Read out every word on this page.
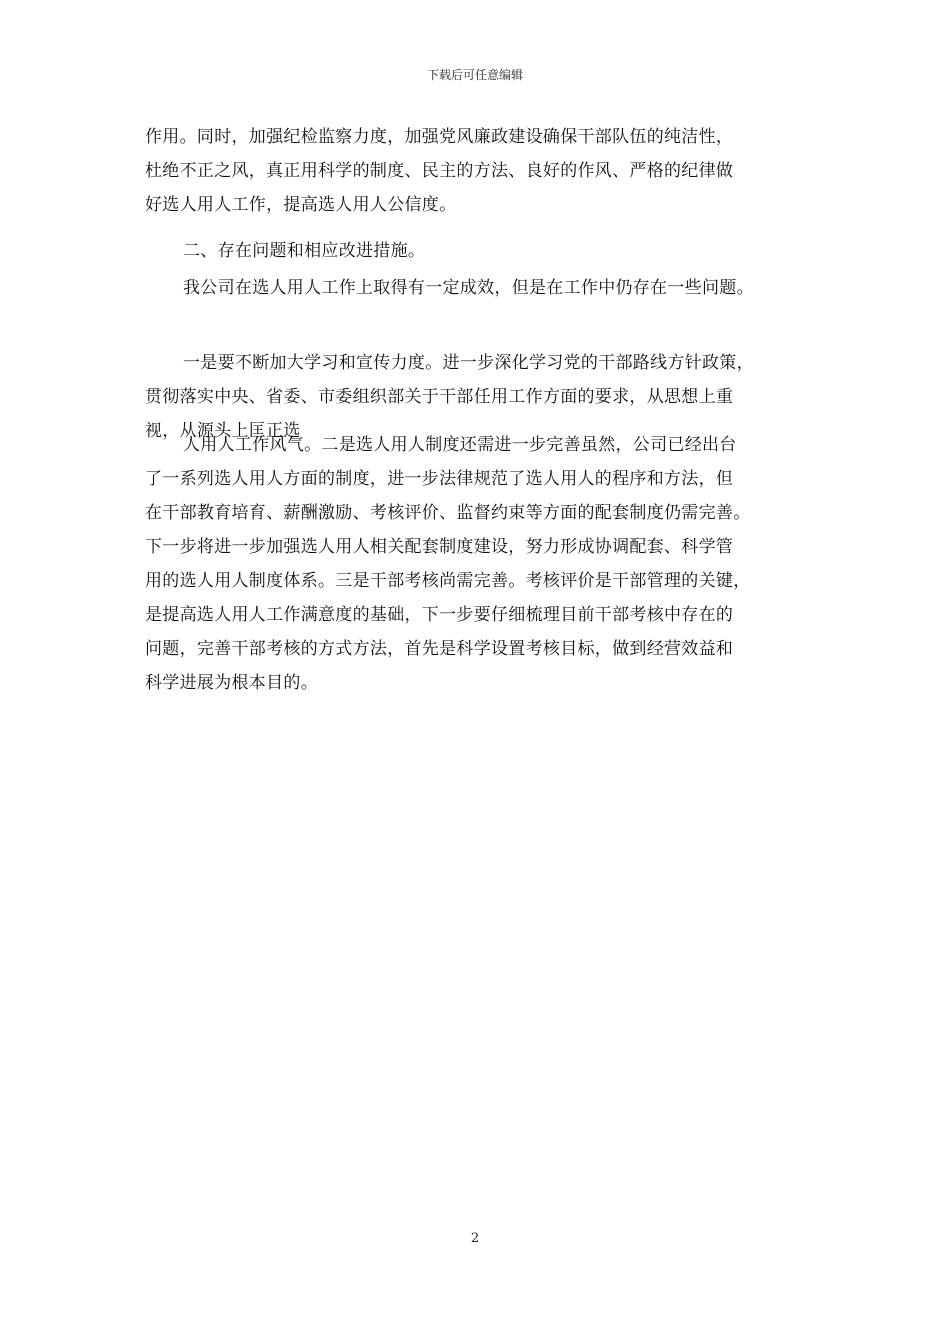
下载后可任意编辑

作用。同时，加强纪检监察力度，加强党风廉政建设确保干部队伍的纯洁性，
杜绝不正之风，真正用科学的制度、民主的方法、良好的作风、严格的纪律做
好选人用人工作，提高选人用人公信度。

二、存在问题和相应改进措施。

我公司在选人用人工作上取得有一定成效，但是在工作中仍存在一些问题。

一是要不断加大学习和宣传力度。进一步深化学习党的干部路线方针政策，
贯彻落实中央、省委、市委组织部关于干部任用工作方面的要求，从思想上重
视，从源头上匡正选

人用人工作风气。二是选人用人制度还需进一步完善虽然，公司已经出台
了一系列选人用人方面的制度，进一步法律规范了选人用人的程序和方法，但
在干部教育培育、薪酬激励、考核评价、监督约束等方面的配套制度仍需完善。
下一步将进一步加强选人用人相关配套制度建设，努力形成协调配套、科学管
用的选人用人制度体系。三是干部考核尚需完善。考核评价是干部管理的关键，
是提高选人用人工作满意度的基础，下一步要仔细梳理目前干部考核中存在的
问题，完善干部考核的方式方法，首先是科学设置考核目标，做到经营效益和
科学进展为根本目的。

2
